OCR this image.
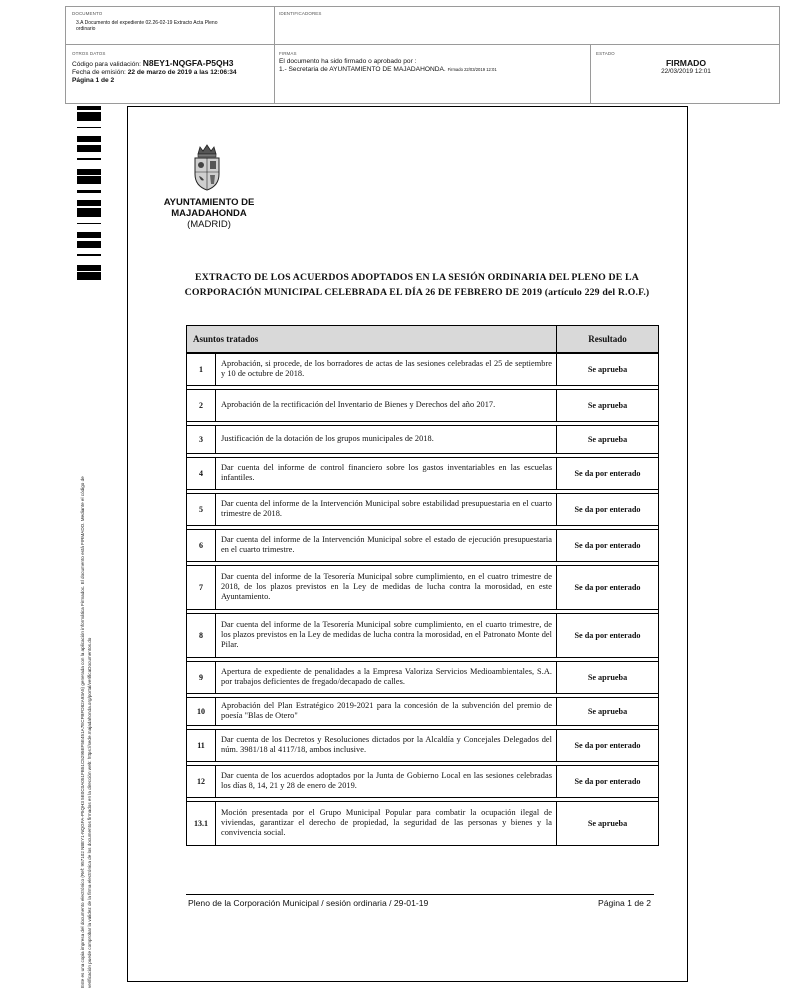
DOCUMENTO
3.A Documento del expediente 02.26-02-19 Extracto Acta Pleno ordinario
IDENTIFICADORES
OTROS DATOS
Código para validación: N8EY1-NQGFA-P5QH3
Fecha de emisión: 22 de marzo de 2019 a las 12:06:34
Página 1 de 2
FIRMAS
El documento ha sido firmado o aprobado por :
1.- Secretaria de AYUNTAMIENTO DE MAJADAHONDA. Firmado 22/03/2019 12:01
ESTADO
FIRMADO
22/03/2019 12:01
Este es una copia impresa del documento electrónico (Ref: 957102 N8EY1-NQGFA-P5QH3 5E0C0A051FB51C5295EF5E451A7ECFBFD82A93A5) generada con la aplicación informática Firmadoc. El documento está FIRMADO. Mediante el código de verificación puede comprobar la validez de la firma electrónica de los documentos firmados en la dirección web: https://sede.majadahonda.org/portal/verificaDocumentos.do
AYUNTAMIENTO DE
MAJADAHONDA
(MADRID)
EXTRACTO DE LOS ACUERDOS ADOPTADOS EN LA SESIÓN ORDINARIA DEL PLENO DE LA
CORPORACIÓN MUNICIPAL CELEBRADA EL DÍA 26 DE FEBRERO DE 2019 (artículo 229 del R.O.F.)
Asuntos tratados		Resultado
1	Aprobación, si procede, de los borradores de actas de las sesiones celebradas el 25 de septiembre y 10 de octubre de 2018.	Se aprueba

2	Aprobación de la rectificación del Inventario de Bienes y Derechos del año 2017.	Se aprueba

3	Justificación de la dotación de los grupos municipales de 2018.	Se aprueba

4	Dar cuenta del informe de control financiero sobre los gastos inventariables en las escuelas infantiles.	Se da por enterado

5	Dar cuenta del informe de la Intervención Municipal sobre estabilidad presupuestaria en el cuarto trimestre de 2018.	Se da por enterado

6	Dar cuenta del informe de la Intervención Municipal sobre el estado de ejecución presupuestaria en el cuarto trimestre.	Se da por enterado

7	Dar cuenta del informe de la Tesorería Municipal sobre cumplimiento, en el cuatro trimestre de 2018, de los plazos previstos en la Ley de medidas de lucha contra la morosidad, en este Ayuntamiento.	Se da por enterado

8	Dar cuenta del informe de la Tesorería Municipal sobre cumplimiento, en el cuarto trimestre, de los plazos previstos en la Ley de medidas de lucha contra la morosidad, en el Patronato Monte del Pilar.	Se da por enterado

9	Apertura de expediente de penalidades a la Empresa Valoriza Servicios Medioambientales, S.A. por trabajos deficientes de fregado/decapado de calles.	Se aprueba

10	Aprobación del Plan Estratégico 2019-2021 para la concesión de la subvención del premio de poesía "Blas de Otero"	Se aprueba

11	Dar cuenta de los Decretos y Resoluciones dictados por la Alcaldía y Concejales Delegados del núm. 3981/18 al 4117/18, ambos inclusive.	Se da por enterado

12	Dar cuenta de los acuerdos adoptados por la Junta de Gobierno Local en las sesiones celebradas los días 8, 14, 21 y 28 de enero de 2019.	Se da por enterado

13.1	Moción presentada por el Grupo Municipal Popular para combatir la ocupación ilegal de viviendas, garantizar el derecho de propiedad, la seguridad de las personas y bienes y la convivencia social.	Se aprueba
Pleno de la Corporación Municipal / sesión ordinaria / 29-01-19	Página 1 de 2
